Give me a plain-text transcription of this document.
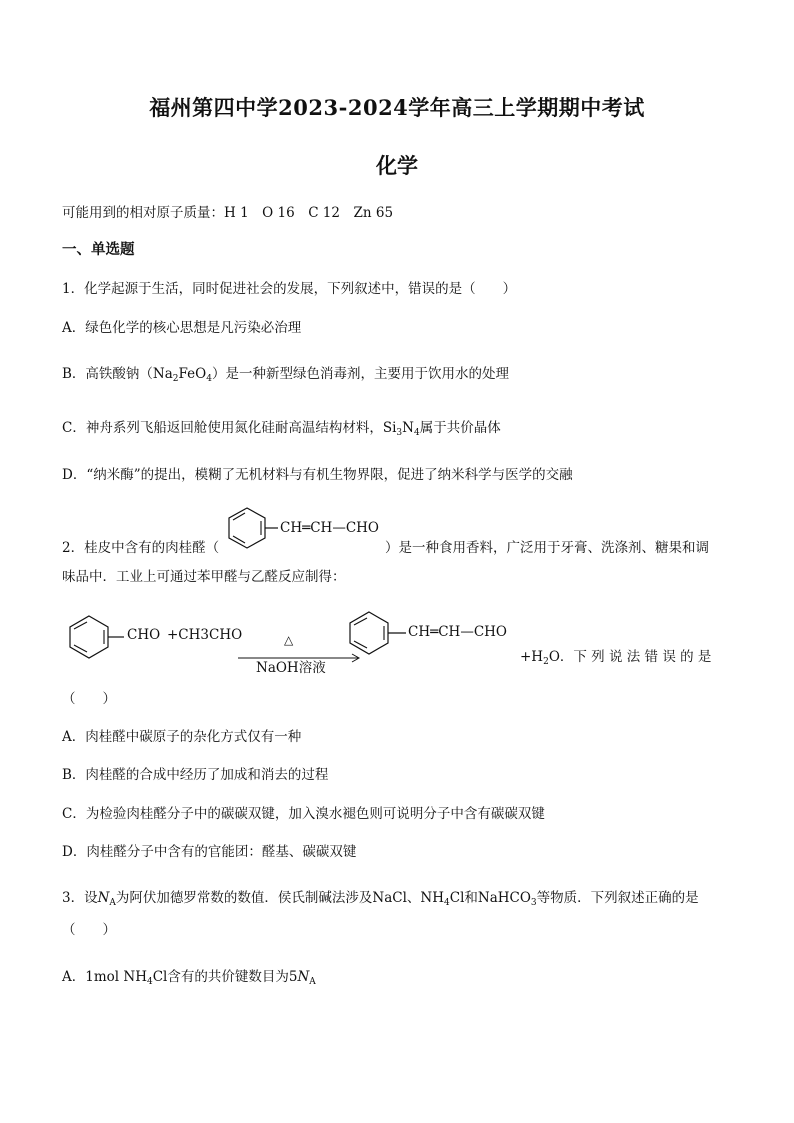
福州第四中学2023-2024学年高三上学期期中考试
化学
可能用到的相对原子质量：H 1　O 16　C 12　Zn 65
一、单选题
1．化学起源于生活，同时促进社会的发展，下列叙述中，错误的是（　　）
A．绿色化学的核心思想是凡污染必治理
B．高铁酸钠$(Na_2FeO_4)$是一种新型绿色消毒剂，主要用于饮用水的处理
C．神舟系列飞船返回舱使用氮化硅耐高温结构材料，$Si_3N_4$属于共价晶体
D．“纳米酶”的提出，模糊了无机材料与有机生物界限，促进了纳米科学与医学的交融
2．桂皮中含有的肉桂醛（
CH═CH—CHO
）是一种食用香料，广泛用于牙膏、洗涤剂、糖果和调
味品中．工业上可通过苯甲醛与乙醛反应制得：
CHO +CH3CHO	△
NaOH溶液
CH═CH—CHO
$+H_2O$．下 列 说 法 错 误 的 是
（　　）
A．肉桂醛中碳原子的杂化方式仅有一种
B．肉桂醛的合成中经历了加成和消去的过程
C．为检验肉桂醛分子中的碳碳双键，加入溴水褪色则可说明分子中含有碳碳双键
D．肉桂醛分子中含有的官能团：醛基、碳碳双键
3．设$N_A$为阿伏加德罗常数的数值．侯氏制碱法涉及NaCl、$NH_4Cl$和NaHCO$_3$等物质．下列叙述正确的是
（　　）
A．1mol $NH_4Cl$含有的共价键数目为$5N_A$
